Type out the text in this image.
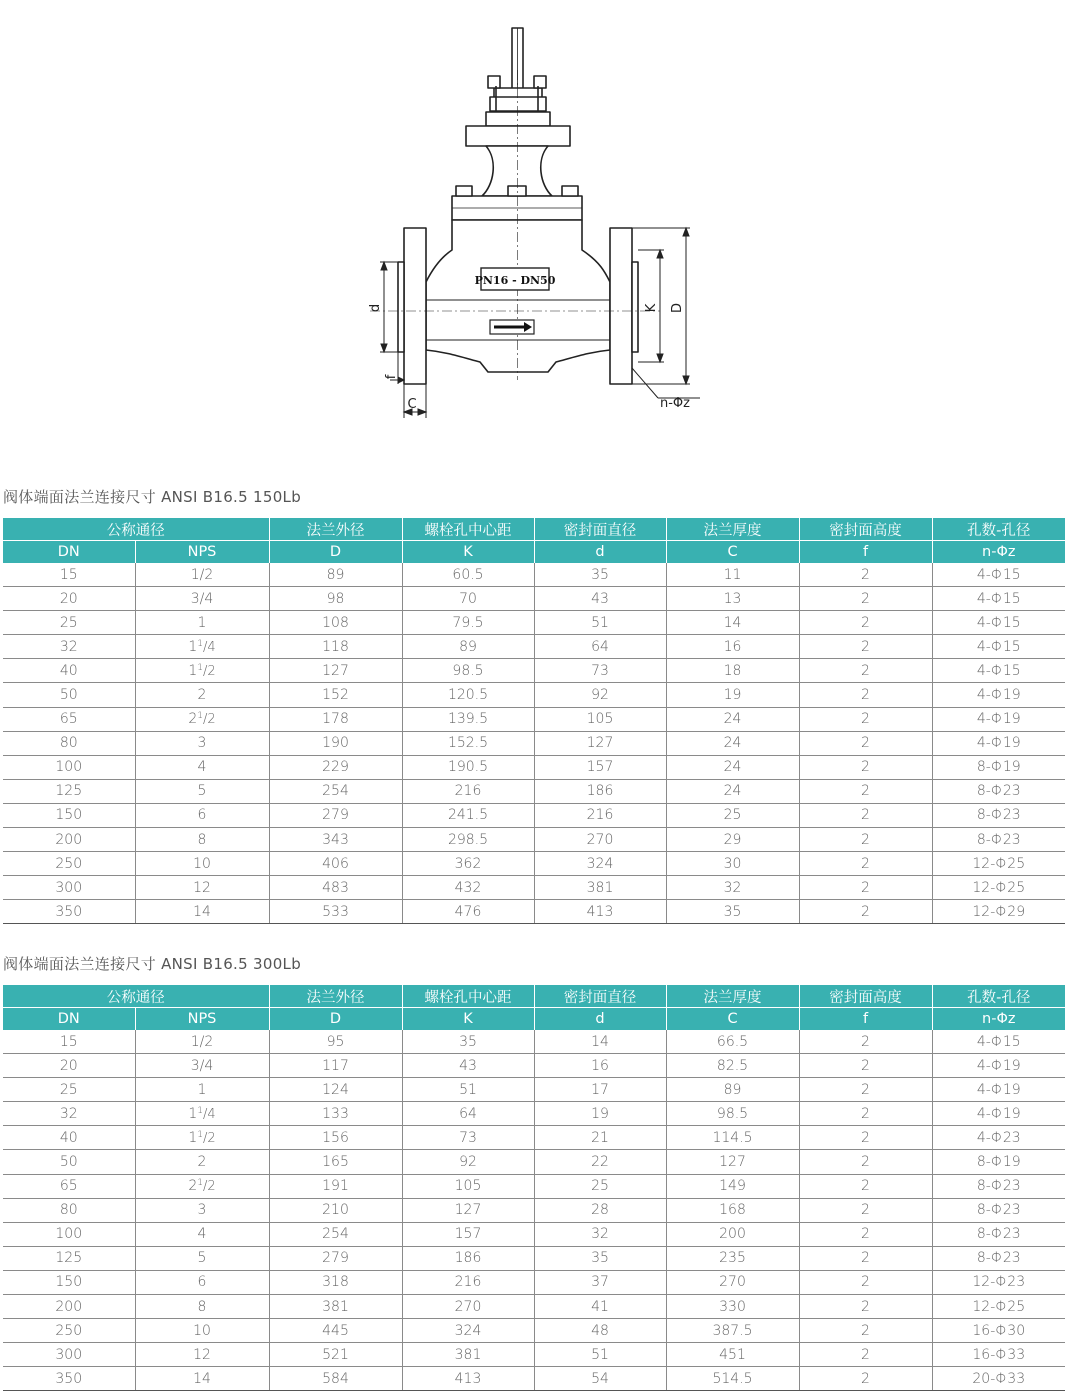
PN16 - DN50
d	K D
f
C	n-Φz
阀体端面法兰连接尺寸 ANSI B16.5 150Lb
公称通径		法兰外径	螺栓孔中心距	密封面直径	法兰厚度	密封面高度	孔数-孔径
DN	NPS	D	K	d	C	f	n-Φz
15	1/2	89	60.5	35	11	2	4-Φ15
20	3/4	98	70	43	13	2	4-Φ15
25	1	108	79.5	51	14	2	4-Φ15
32	$1^1/4$	118	89	64	16	2	4-Φ15
40	$1^1/2$	127	98.5	73	18	2	4-Φ15
50	2	152	120.5	92	19	2	4-Φ19
65	$2^1/2$	178	139.5	105	24	2	4-Φ19
80	3	190	152.5	127	24	2	4-Φ19
100	4	229	190.5	157	24	2	8-Φ19
125	5	254	216	186	24	2	8-Φ23
150	6	279	241.5	216	25	2	8-Φ23
200	8	343	298.5	270	29	2	8-Φ23
250	10	406	362	324	30	2	12-Φ25
300	12	483	432	381	32	2	12-Φ25
350	14	533	476	413	35	2	12-Φ29
阀体端面法兰连接尺寸 ANSI B16.5 300Lb
公称通径		法兰外径	螺栓孔中心距	密封面直径	法兰厚度	密封面高度	孔数-孔径
DN	NPS	D	K	d	C	f	n-Φz
15	1/2	95	35	14	66.5	2	4-Φ15
20	3/4	117	43	16	82.5	2	4-Φ19
25	1	124	51	17	89	2	4-Φ19
32	$1^1/4$	133	64	19	98.5	2	4-Φ19
40	$1^1/2$	156	73	21	114.5	2	4-Φ23
50	2	165	92	22	127	2	8-Φ19
65	$2^1/2$	191	105	25	149	2	8-Φ23
80	3	210	127	28	168	2	8-Φ23
100	4	254	157	32	200	2	8-Φ23
125	5	279	186	35	235	2	8-Φ23
150	6	318	216	37	270	2	12-Φ23
200	8	381	270	41	330	2	12-Φ25
250	10	445	324	48	387.5	2	16-Φ30
300	12	521	381	51	451	2	16-Φ33
350	14	584	413	54	514.5	2	20-Φ33
